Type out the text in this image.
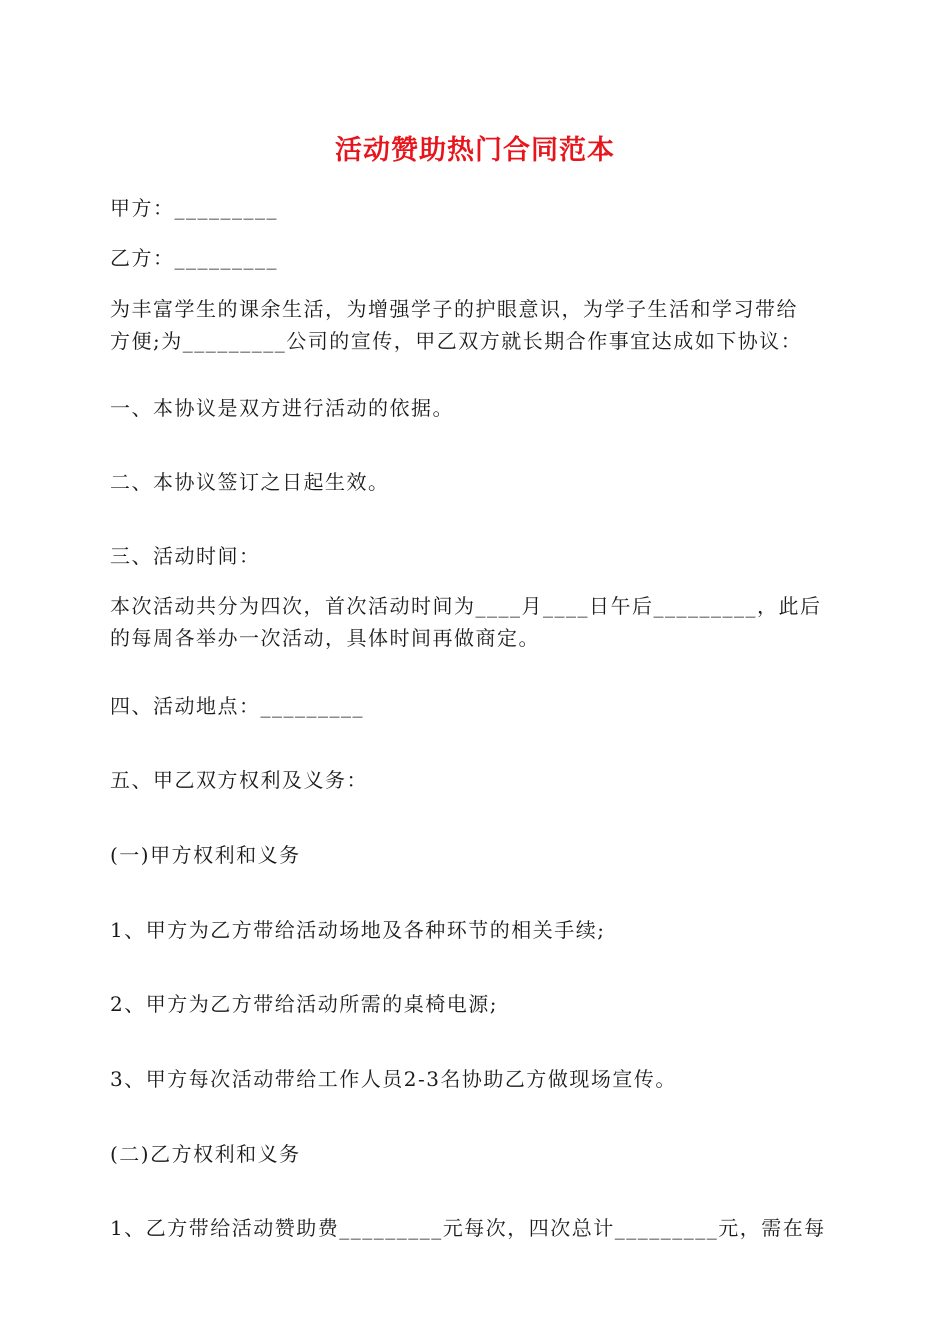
活动赞助热门合同范本
甲方：_________
乙方：_________
为丰富学生的课余生活，为增强学子的护眼意识，为学子生活和学习带给
方便;为_________公司的宣传，甲乙双方就长期合作事宜达成如下协议：
一、本协议是双方进行活动的依据。
二、本协议签订之日起生效。
三、活动时间：
本次活动共分为四次，首次活动时间为____月____日午后_________，此后
的每周各举办一次活动，具体时间再做商定。
四、活动地点：_________
五、甲乙双方权利及义务：
(一)甲方权利和义务
1、甲方为乙方带给活动场地及各种环节的相关手续;
2、甲方为乙方带给活动所需的桌椅电源;
3、甲方每次活动带给工作人员2-3名协助乙方做现场宣传。
(二)乙方权利和义务
1、乙方带给活动赞助费_________元每次，四次总计_________元，需在每
